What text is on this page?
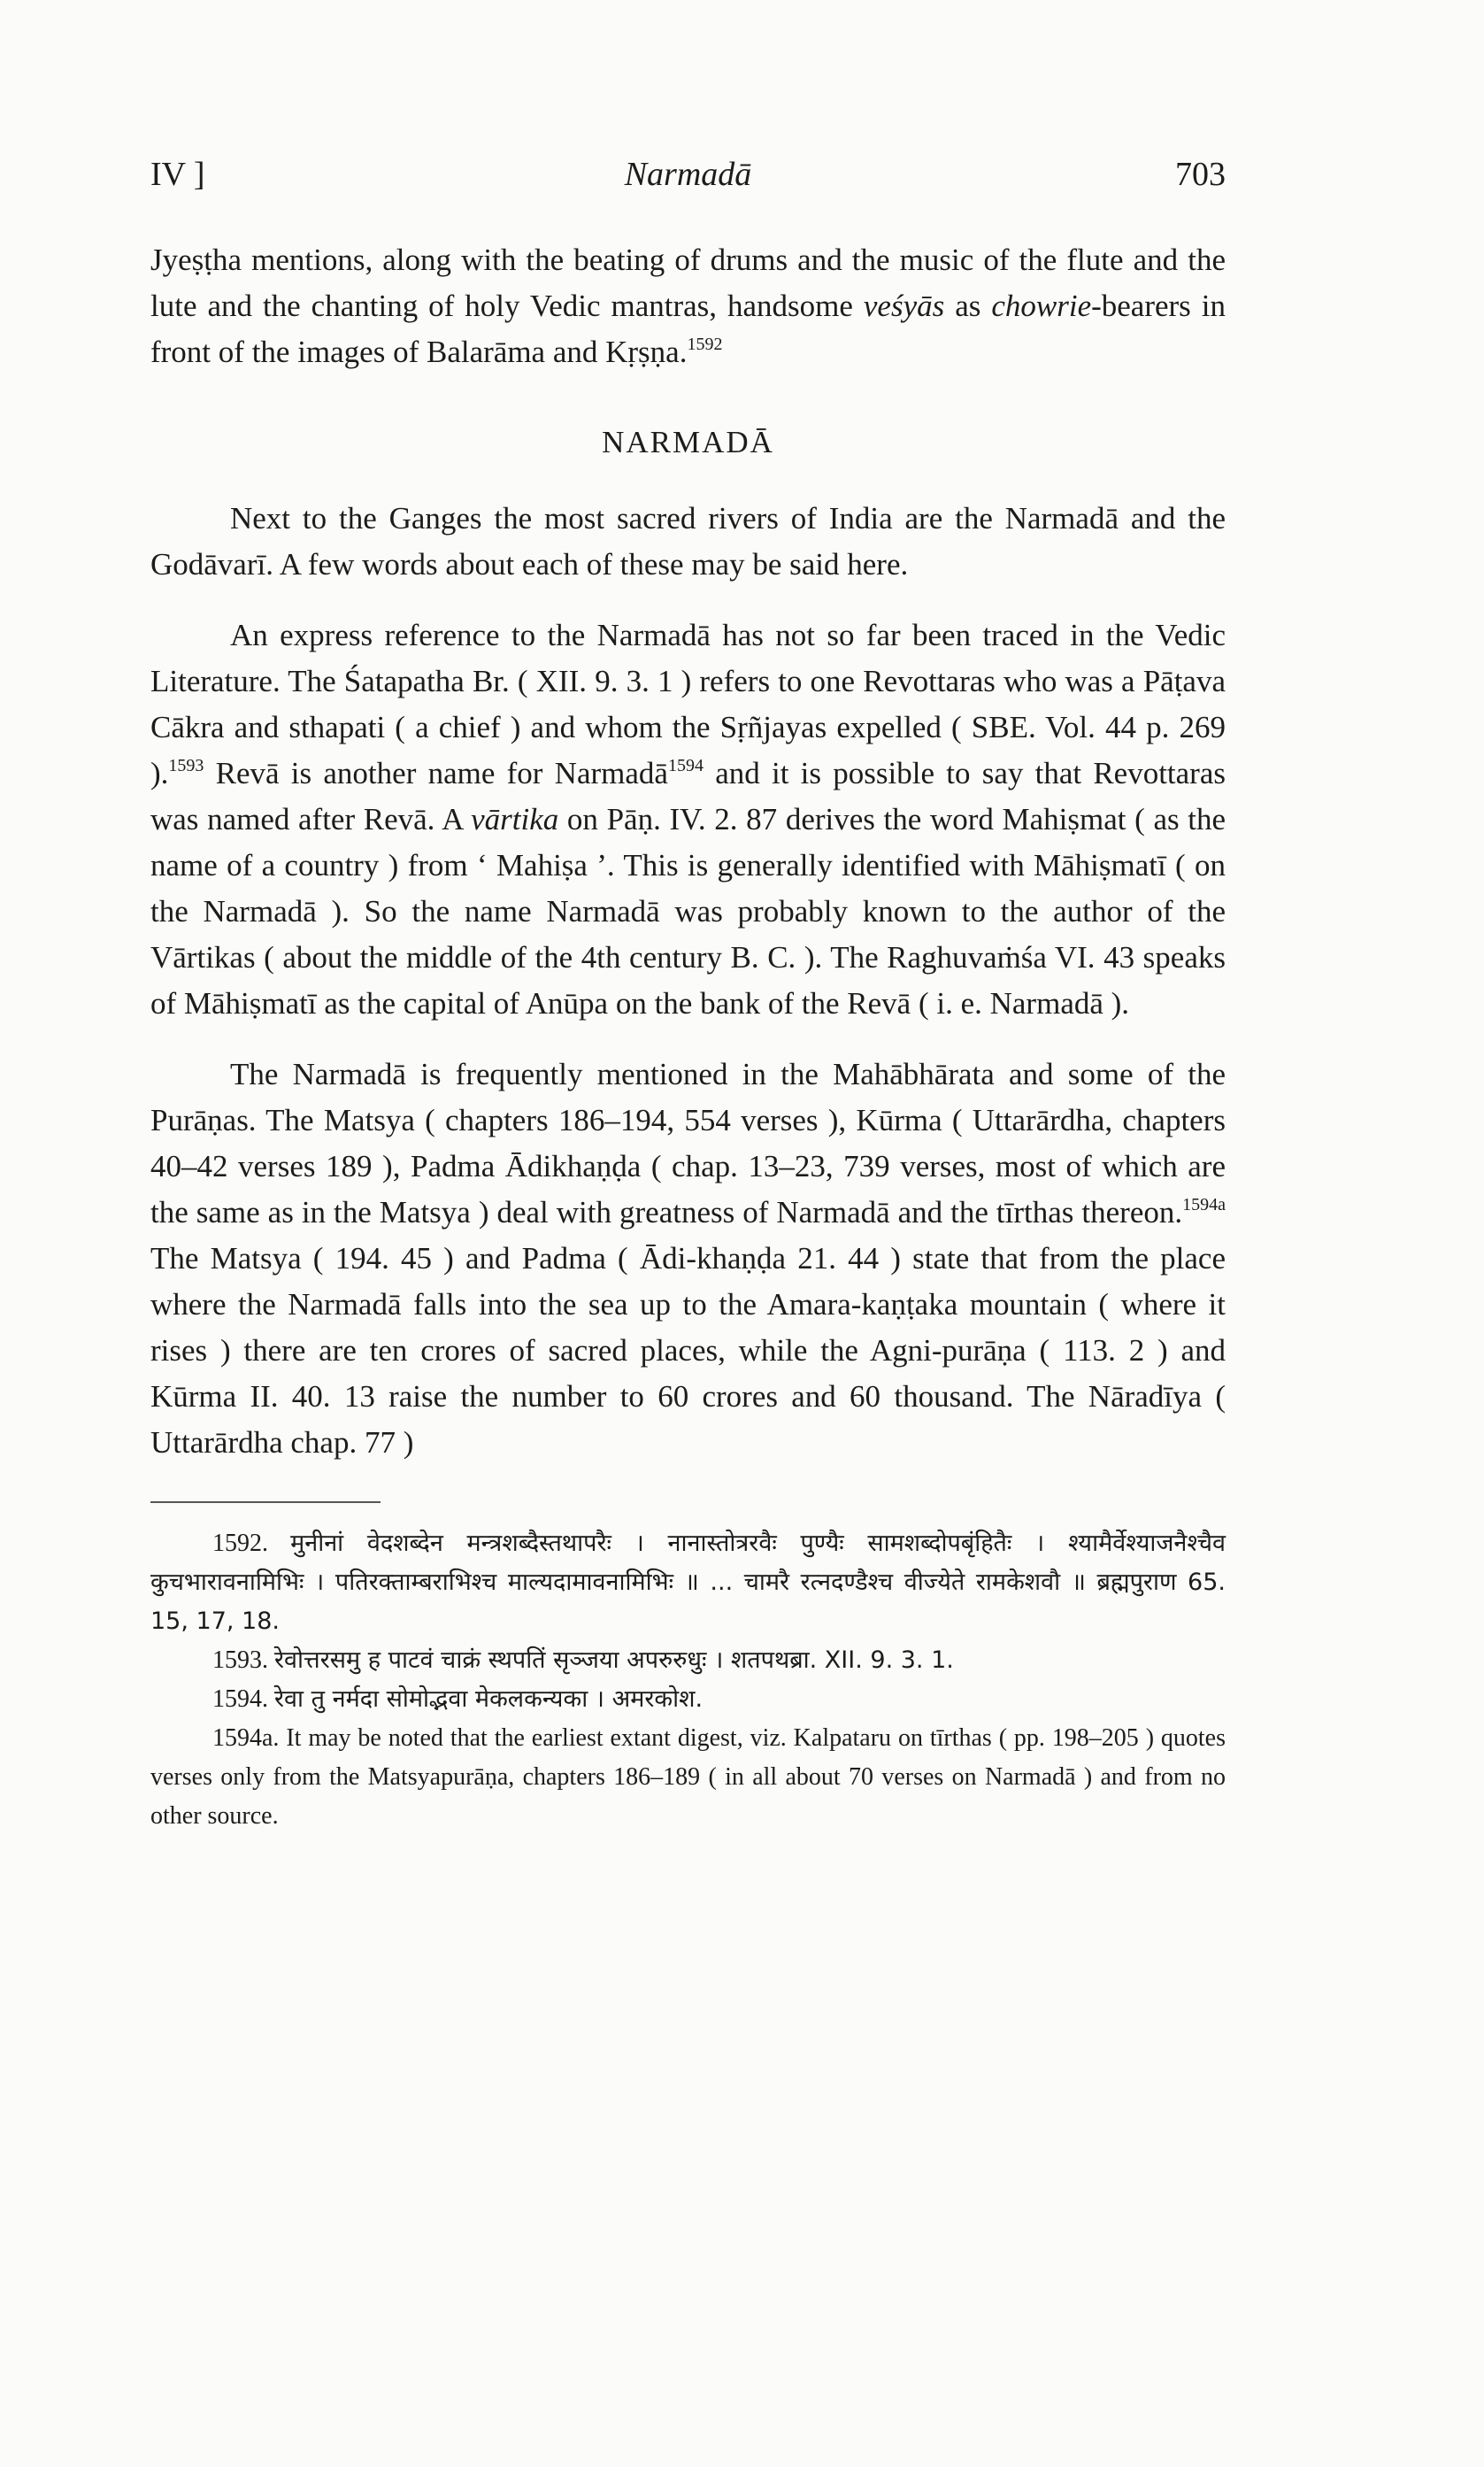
IV ]	Narmadā	703

Jyeṣṭha mentions, along with the beating of drums and the music of the flute and the lute and the chanting of holy Vedic mantras, handsome veśyās as chowrie-bearers in front of the images of Balarāma and Kṛṣṇa.$^{1592}$

NARMADĀ

Next to the Ganges the most sacred rivers of India are the Narmadā and the Godāvarī. A few words about each of these may be said here.

An express reference to the Narmadā has not so far been traced in the Vedic Literature. The Śatapatha Br. ( XII. 9. 3. 1 ) refers to one Revottaras who was a Pāṭava Cākra and sthapati ( a chief ) and whom the Sṛñjayas expelled ( SBE. Vol. 44 p. 269 ).$^{1593}$ Revā is another name for Narmadā$^{1594}$ and it is possible to say that Revottaras was named after Revā. A vārtika on Pāṇ. IV. 2. 87 derives the word Mahiṣmat ( as the name of a country ) from ‘ Mahiṣa ’. This is generally identified with Māhiṣmatī ( on the Narmadā ). So the name Narmadā was probably known to the author of the Vārtikas ( about the middle of the 4th century B. C. ). The Raghuvaṁśa VI. 43 speaks of Māhiṣmatī as the capital of Anūpa on the bank of the Revā ( i. e. Narmadā ).

The Narmadā is frequently mentioned in the Mahābhārata and some of the Purāṇas. The Matsya ( chapters 186–194, 554 verses ), Kūrma ( Uttarārdha, chapters 40–42 verses 189 ), Padma Ādikhaṇḍa ( chap. 13–23, 739 verses, most of which are the same as in the Matsya ) deal with greatness of Narmadā and the tīrthas thereon.$^{1594a}$ The Matsya ( 194. 45 ) and Padma ( Ādi-khaṇḍa 21. 44 ) state that from the place where the Narmadā falls into the sea up to the Amara-kaṇṭaka mountain ( where it rises ) there are ten crores of sacred places, while the Agni-purāṇa ( 113. 2 ) and Kūrma II. 40. 13 raise the number to 60 crores and 60 thousand. The Nāradīya ( Uttarārdha chap. 77 )

1592. मुनीनां वेदशब्देन मन्त्रशब्दैस्तथापरैः । नानास्तोत्ररवैः पुण्यैः सामशब्दोपबृंहितैः । श्यामैर्वेश्याजनैश्चैव कुचभारावनामिभिः । पतिरक्ताम्बराभिश्च माल्यदामावनामिभिः ॥ ... चामरै रत्नदण्डैश्च वीज्येते रामकेशवौ ॥ ब्रह्मपुराण 65. 15, 17, 18.

1593. रेवोत्तरसमु ह पाटवं चाक्रं स्थपतिं सृञ्जया अपरुरुधुः । शतपथब्रा. XII. 9. 3. 1.

1594. रेवा तु नर्मदा सोमोद्भवा मेकलकन्यका । अमरकोश.

1594a. It may be noted that the earliest extant digest, viz. Kalpataru on tīrthas ( pp. 198–205 ) quotes verses only from the Matsyapurāṇa, chapters 186–189 ( in all about 70 verses on Narmadā ) and from no other source.
